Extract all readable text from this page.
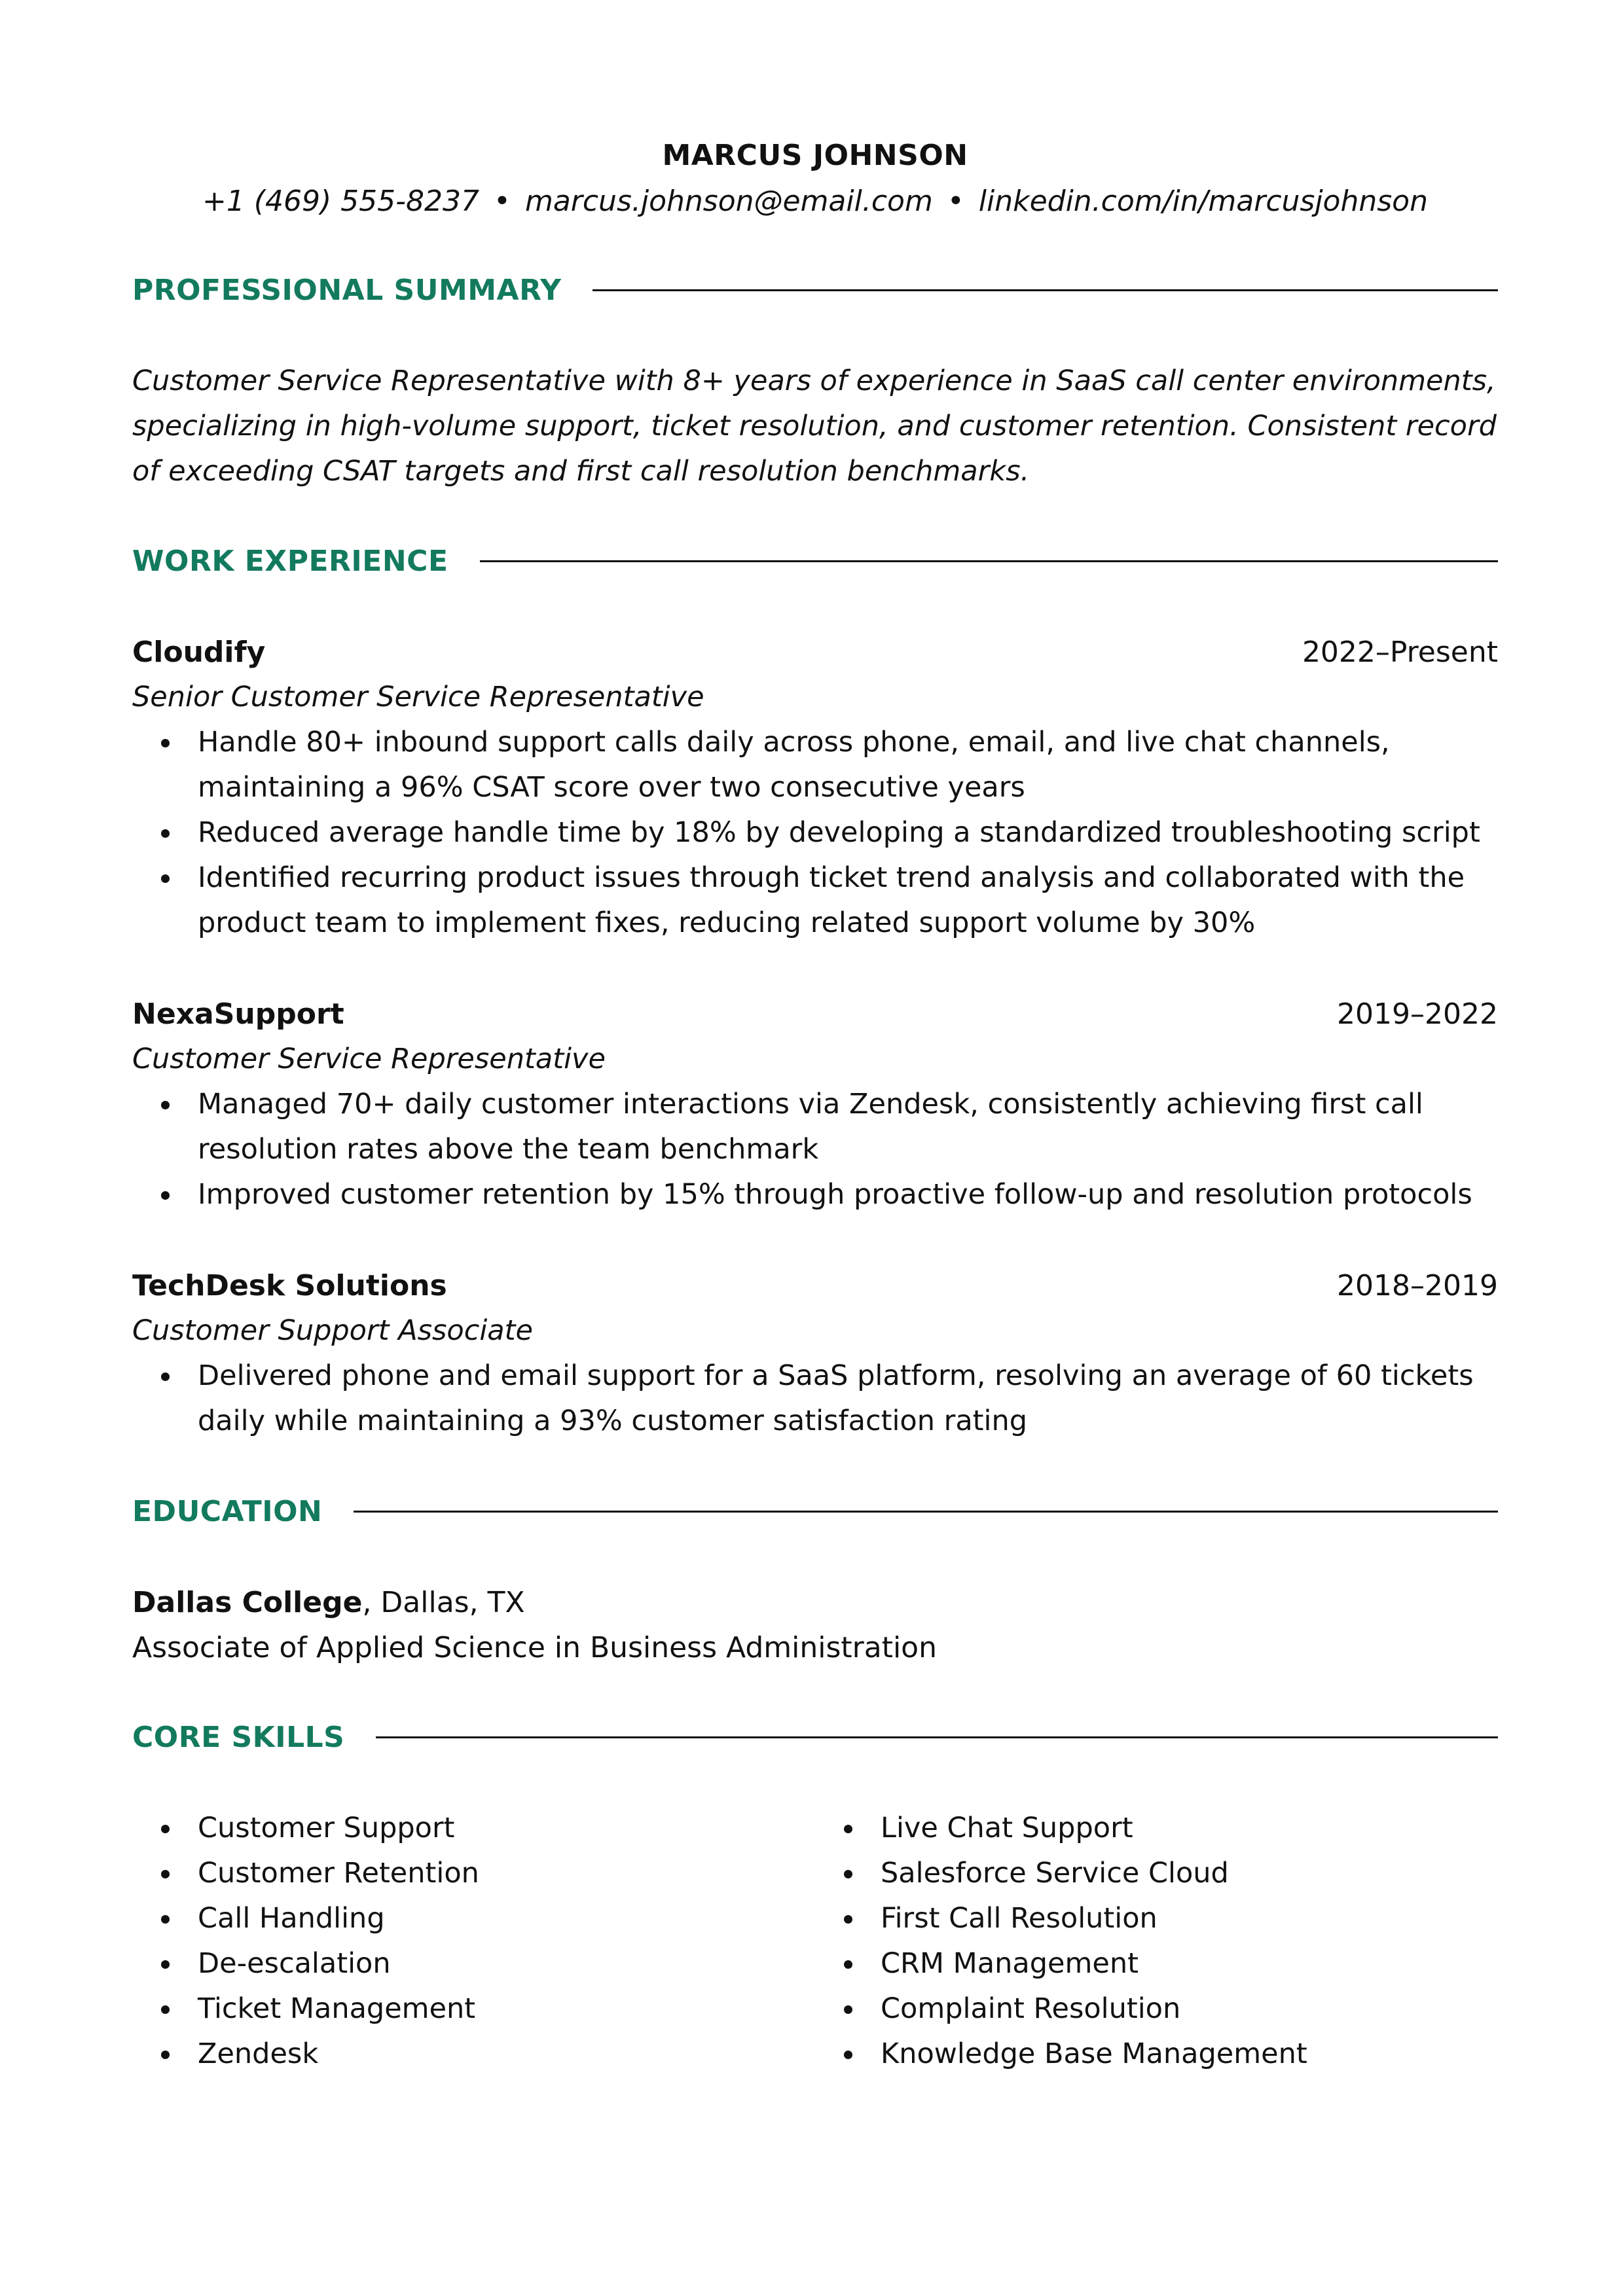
MARCUS JOHNSON
+1 (469) 555-8237 • marcus.johnson@email.com • linkedin.com/in/marcusjohnson
PROFESSIONAL SUMMARY
Customer Service Representative with 8+ years of experience in SaaS call center environments, specializing in high-volume support, ticket resolution, and customer retention. Consistent record of exceeding CSAT targets and first call resolution benchmarks.
WORK EXPERIENCE
Cloudify	2022–Present
Senior Customer Service Representative
Handle 80+ inbound support calls daily across phone, email, and live chat channels, maintaining a 96% CSAT score over two consecutive years
Reduced average handle time by 18% by developing a standardized troubleshooting script
Identified recurring product issues through ticket trend analysis and collaborated with the product team to implement fixes, reducing related support volume by 30%
NexaSupport	2019–2022
Customer Service Representative
Managed 70+ daily customer interactions via Zendesk, consistently achieving first call resolution rates above the team benchmark
Improved customer retention by 15% through proactive follow-up and resolution protocols
TechDesk Solutions	2018–2019
Customer Support Associate
Delivered phone and email support for a SaaS platform, resolving an average of 60 tickets daily while maintaining a 93% customer satisfaction rating
EDUCATION
Dallas College, Dallas, TX
Associate of Applied Science in Business Administration
CORE SKILLS
Customer Support
Customer Retention
Call Handling
De-escalation
Ticket Management
Zendesk
Live Chat Support
Salesforce Service Cloud
First Call Resolution
CRM Management
Complaint Resolution
Knowledge Base Management
